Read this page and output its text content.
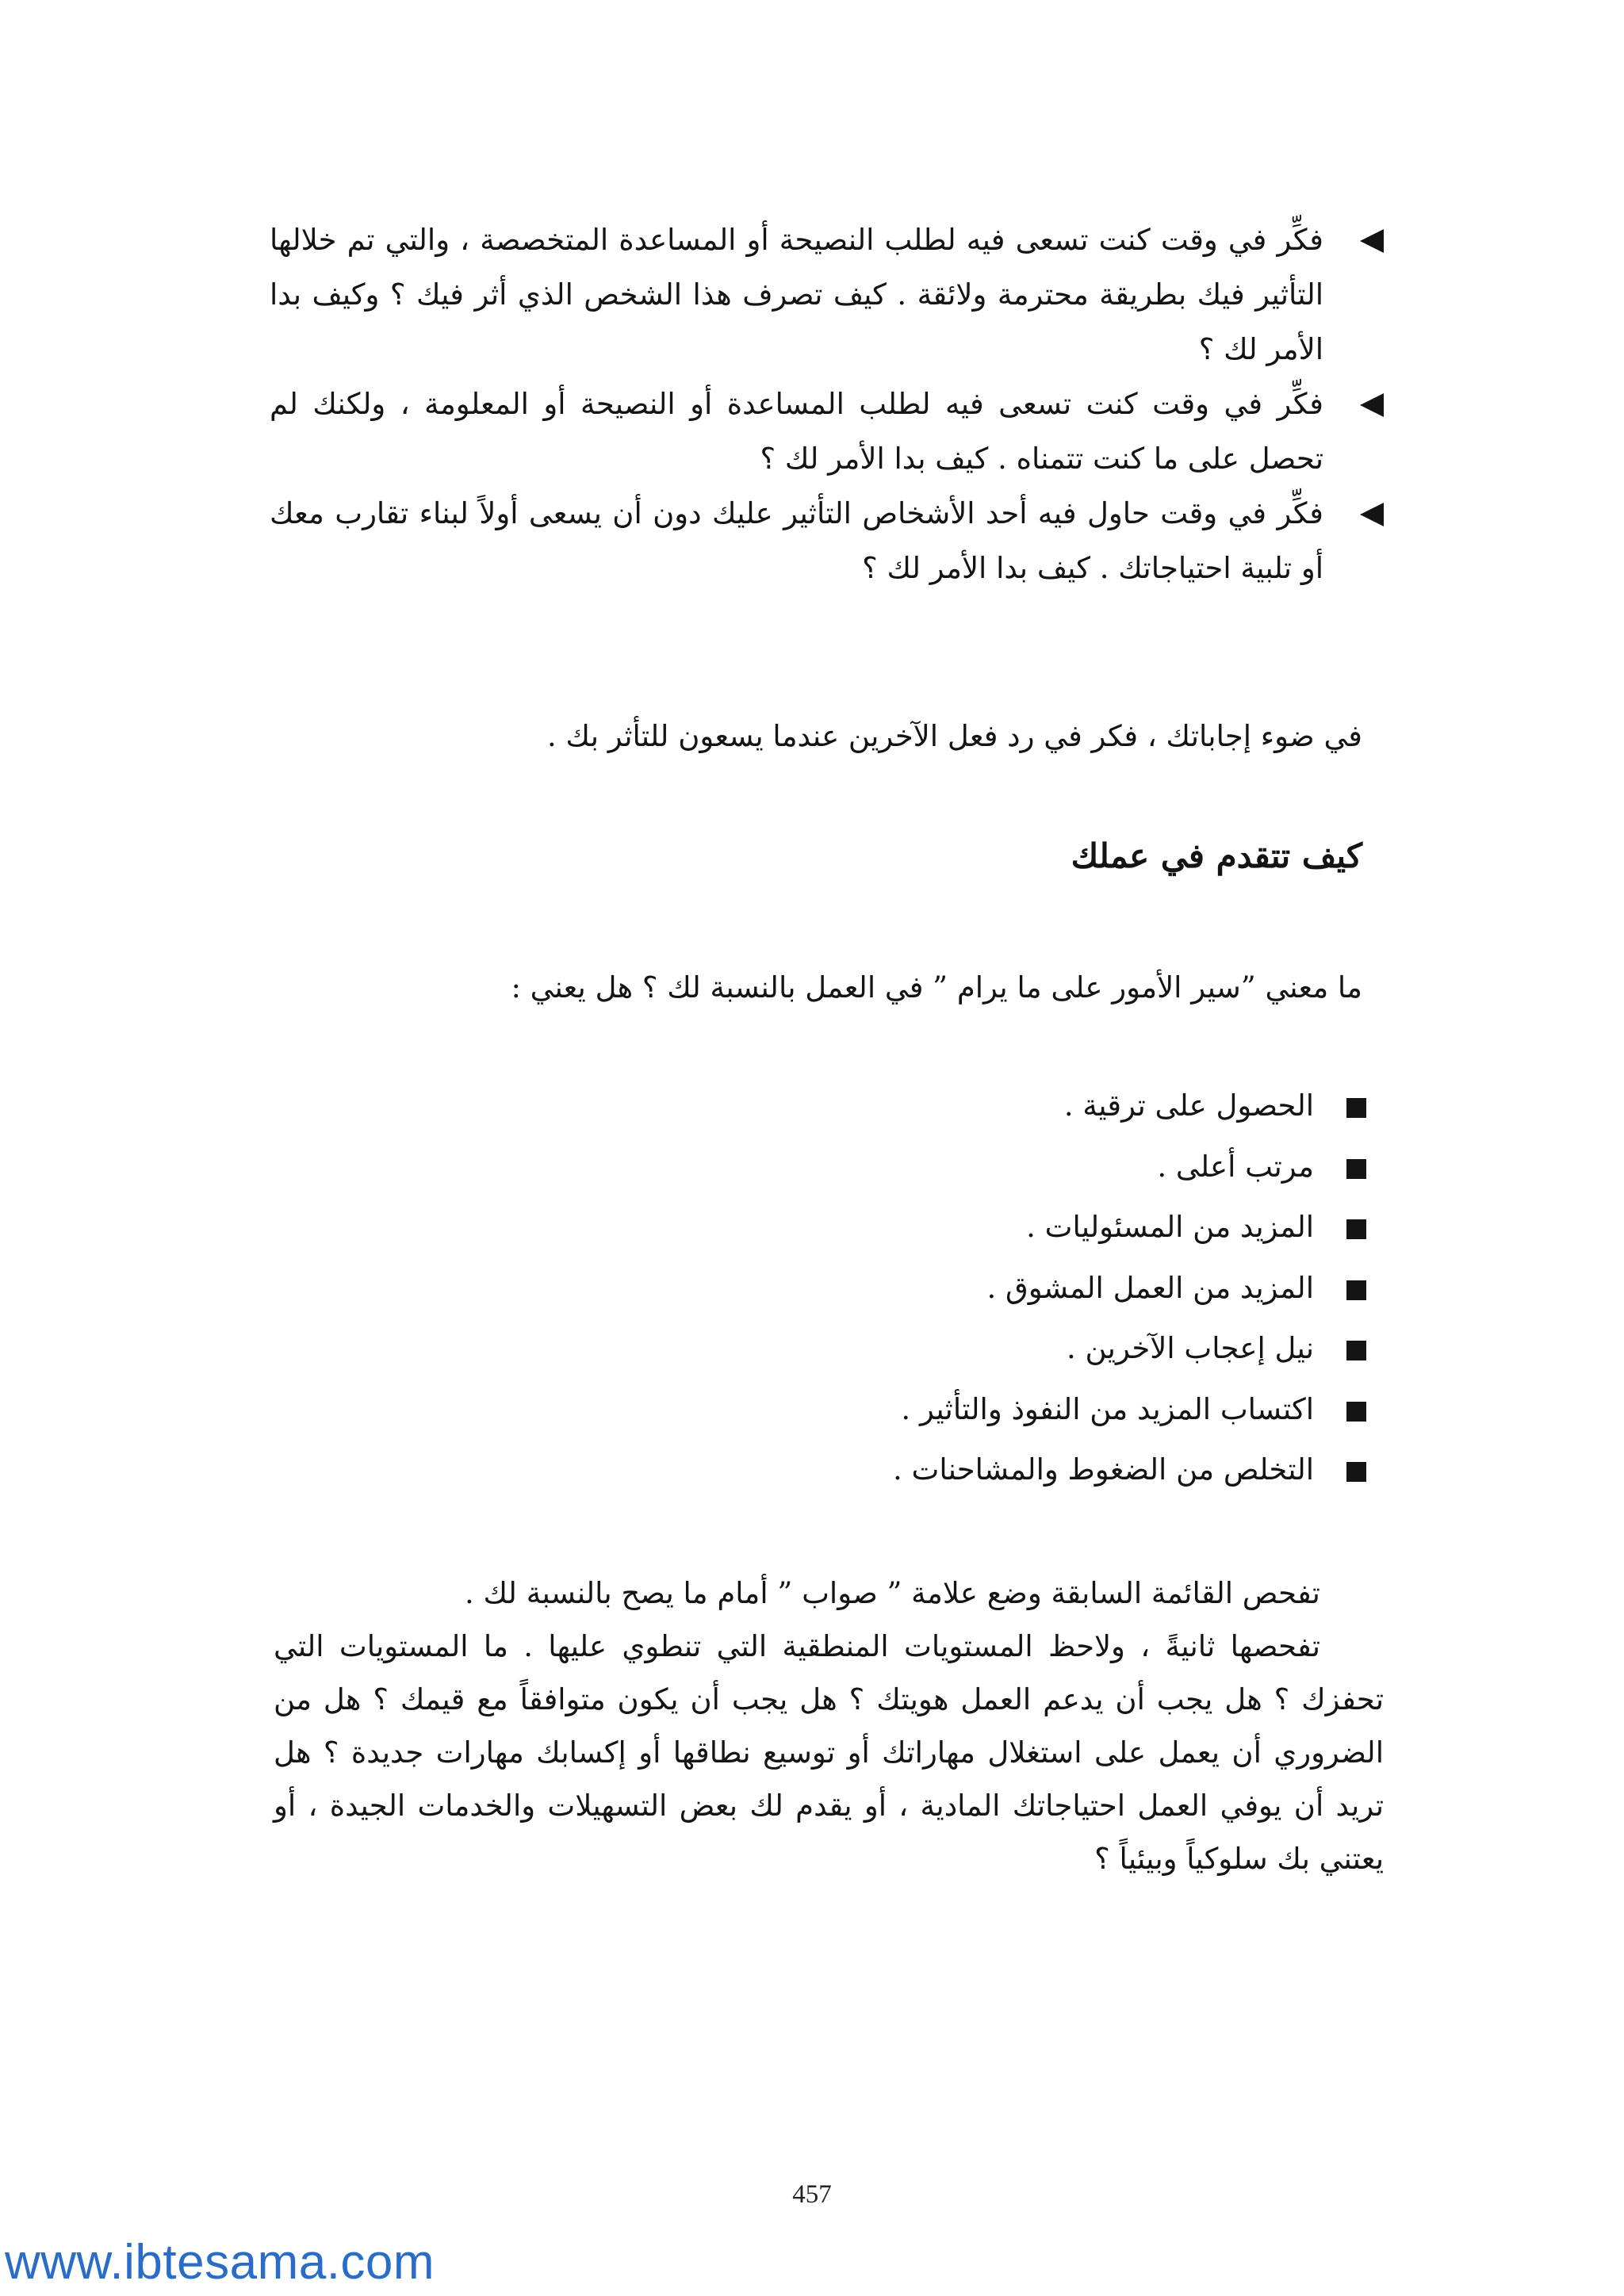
فكِّر في وقت كنت تسعى فيه لطلب النصيحة أو المساعدة المتخصصة ، والتي تم خلالها التأثير فيك بطريقة محترمة ولائقة . كيف تصرف هذا الشخص الذي أثر فيك ؟ وكيف بدا الأمر لك ؟
فكِّر في وقت كنت تسعى فيه لطلب المساعدة أو النصيحة أو المعلومة ، ولكنك لم تحصل على ما كنت تتمناه . كيف بدا الأمر لك ؟
فكِّر في وقت حاول فيه أحد الأشخاص التأثير عليك دون أن يسعى أولاً لبناء تقارب معك أو تلبية احتياجاتك . كيف بدا الأمر لك ؟

في ضوء إجاباتك ، فكر في رد فعل الآخرين عندما يسعون للتأثر بك .

كيف تتقدم في عملك

ما معني ”سير الأمور على ما يرام ” في العمل بالنسبة لك ؟ هل يعني :

الحصول على ترقية .
مرتب أعلى .
المزيد من المسئوليات .
المزيد من العمل المشوق .
نيل إعجاب الآخرين .
اكتساب المزيد من النفوذ والتأثير .
التخلص من الضغوط والمشاحنات .
تفحص القائمة السابقة وضع علامة ” صواب ” أمام ما يصح بالنسبة لك .
تفحصها ثانيةً ، ولاحظ المستويات المنطقية التي تنطوي عليها . ما المستويات التي تحفزك ؟ هل يجب أن يدعم العمل هويتك ؟ هل يجب أن يكون متوافقاً مع قيمك ؟ هل من الضروري أن يعمل على استغلال مهاراتك أو توسيع نطاقها أو إكسابك مهارات جديدة ؟ هل تريد أن يوفي العمل احتياجاتك المادية ، أو يقدم لك بعض التسهيلات والخدمات الجيدة ، أو يعتني بك سلوكياً وبيئياً ؟
457
www.ibtesama.com
